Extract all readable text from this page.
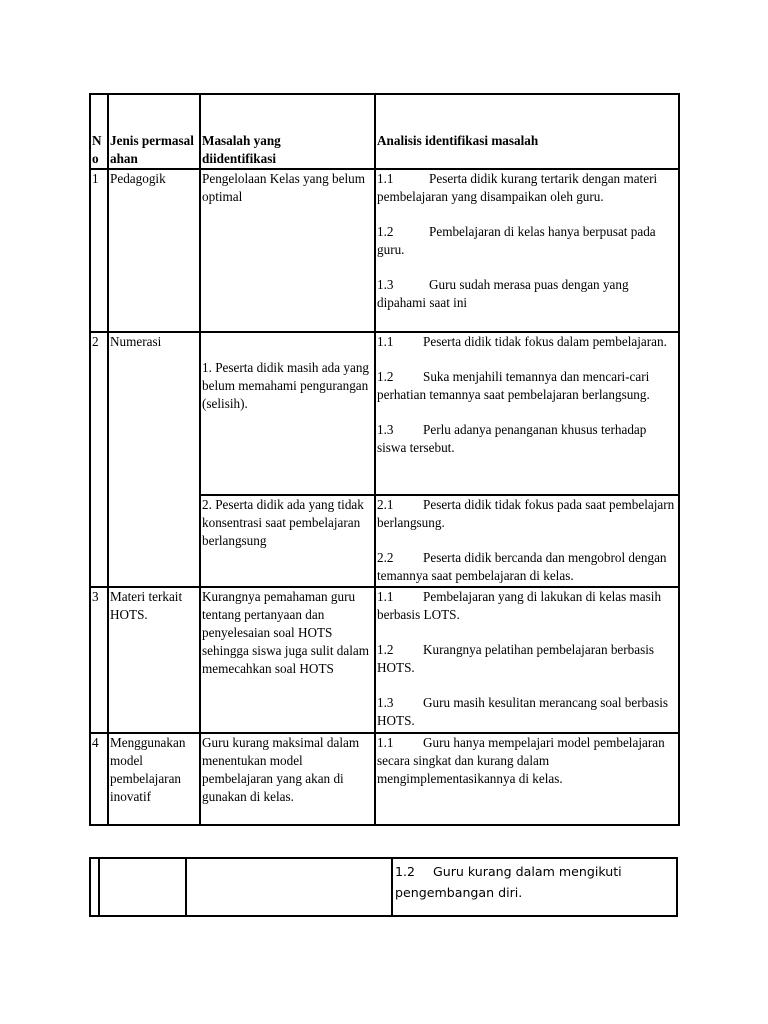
N o	Jenis permasalahan	Masalah yang diidentifikasi	Analisis identifikasi masalah
1	Pedagogik	Pengelolaan Kelas yang belum optimal	1.1 Peserta didik kurang tertarik dengan materi pembelajaran yang disampaikan oleh guru.
1.2 Pembelajaran di kelas hanya berpusat pada guru.
1.3 Guru sudah merasa puas dengan yang dipahami saat ini

2	Numerasi	1. Peserta didik masih ada yang belum memahami pengurangan (selisih).	1.1 Peserta didik tidak fokus dalam pembelajaran.
1.2 Suka menjahili temannya dan mencari-cari perhatian temannya saat pembelajaran berlangsung.
1.3 Perlu adanya penanganan khusus terhadap siswa tersebut.

		2. Peserta didik ada yang tidak konsentrasi saat pembelajaran berlangsung	2.1 Peserta didik tidak fokus pada saat pembelajarn berlangsung.
2.2 Peserta didik bercanda dan mengobrol dengan temannya saat pembelajaran di kelas.

3	Materi terkait HOTS.	Kurangnya pemahaman guru tentang pertanyaan dan penyelesaian soal HOTS sehingga siswa juga sulit dalam memecahkan soal HOTS	1.1 Pembelajaran yang di lakukan di kelas masih berbasis LOTS.
1.2 Kurangnya pelatihan pembelajaran berbasis HOTS.
1.3 Guru masih kesulitan merancang soal berbasis HOTS.

4	Menggunakan model pembelajaran inovatif	Guru kurang maksimal dalam menentukan model pembelajaran yang akan di gunakan di kelas.	1.1 Guru hanya mempelajari model pembelajaran secara singkat dan kurang dalam mengimplementasikannya di kelas.
1.2 Guru kurang dalam mengikuti pengembangan diri.
